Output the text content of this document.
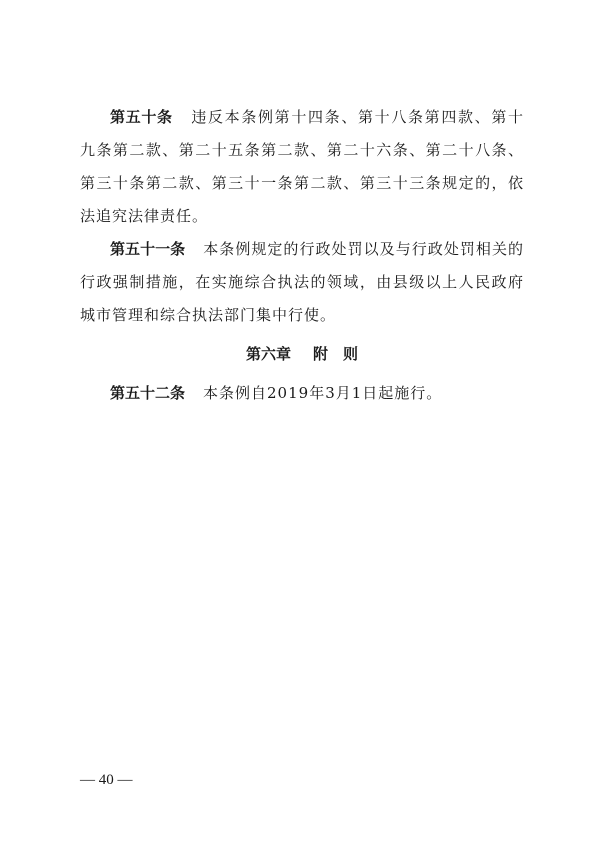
第五十条 违反本条例第十四条、第十八条第四款、第十九条第二款、第二十五条第二款、第二十六条、第二十八条、第三十条第二款、第三十一条第二款、第三十三条规定的，依法追究法律责任。

第五十一条 本条例规定的行政处罚以及与行政处罚相关的行政强制措施，在实施综合执法的领域，由县级以上人民政府城市管理和综合执法部门集中行使。

第六章 附　则

第五十二条 本条例自2019年3月1日起施行。

— 40 —
